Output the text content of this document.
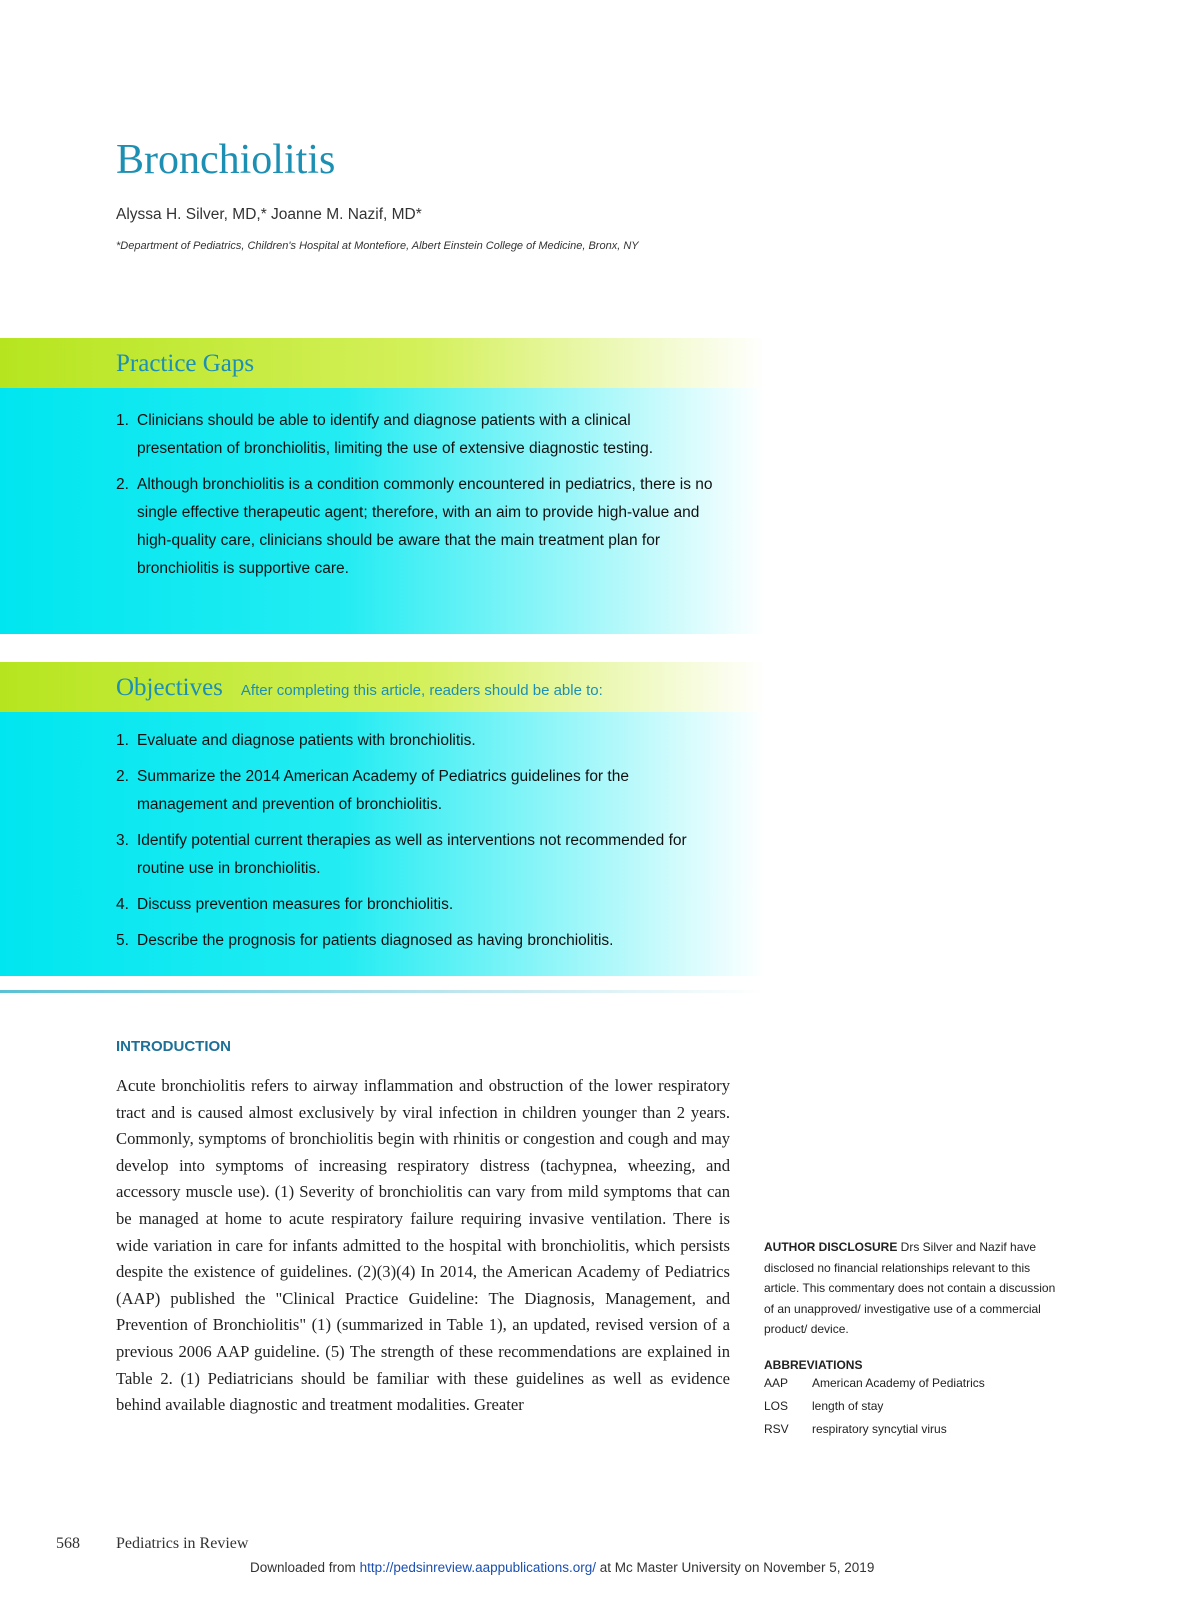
Bronchiolitis
Alyssa H. Silver, MD,* Joanne M. Nazif, MD*
*Department of Pediatrics, Children's Hospital at Montefiore, Albert Einstein College of Medicine, Bronx, NY
Practice Gaps
1. Clinicians should be able to identify and diagnose patients with a clinical presentation of bronchiolitis, limiting the use of extensive diagnostic testing.
2. Although bronchiolitis is a condition commonly encountered in pediatrics, there is no single effective therapeutic agent; therefore, with an aim to provide high-value and high-quality care, clinicians should be aware that the main treatment plan for bronchiolitis is supportive care.
Objectives After completing this article, readers should be able to:
1. Evaluate and diagnose patients with bronchiolitis.
2. Summarize the 2014 American Academy of Pediatrics guidelines for the management and prevention of bronchiolitis.
3. Identify potential current therapies as well as interventions not recommended for routine use in bronchiolitis.
4. Discuss prevention measures for bronchiolitis.
5. Describe the prognosis for patients diagnosed as having bronchiolitis.
INTRODUCTION

Acute bronchiolitis refers to airway inflammation and obstruction of the lower respiratory tract and is caused almost exclusively by viral infection in children younger than 2 years. Commonly, symptoms of bronchiolitis begin with rhinitis or congestion and cough and may develop into symptoms of increasing respiratory distress (tachypnea, wheezing, and accessory muscle use). (1) Severity of bronchiolitis can vary from mild symptoms that can be managed at home to acute respiratory failure requiring invasive ventilation. There is wide variation in care for infants admitted to the hospital with bronchiolitis, which persists despite the existence of guidelines. (2)(3)(4) In 2014, the American Academy of Pediatrics (AAP) published the "Clinical Practice Guideline: The Diagnosis, Management, and Prevention of Bronchiolitis" (1) (summarized in Table 1), an updated, revised version of a previous 2006 AAP guideline. (5) The strength of these recommendations are explained in Table 2. (1) Pediatricians should be familiar with these guidelines as well as evidence behind available diagnostic and treatment modalities. Greater

AUTHOR DISCLOSURE Drs Silver and Nazif have disclosed no financial relationships relevant to this article. This commentary does not contain a discussion of an unapproved/ investigative use of a commercial product/ device.

ABBREVIATIONS
AAP	American Academy of Pediatrics
LOS	length of stay
RSV	respiratory syncytial virus
568 Pediatrics in Review
Downloaded from http://pedsinreview.aappublications.org/ at Mc Master University on November 5, 2019
